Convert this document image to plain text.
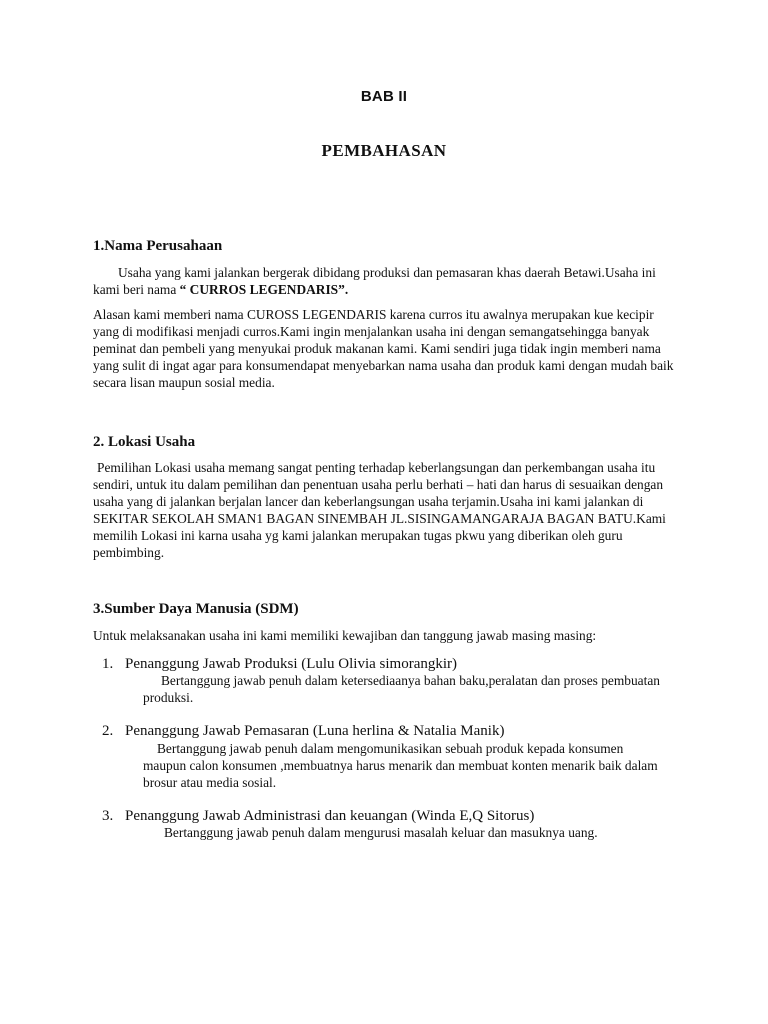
BAB II
PEMBAHASAN
1.Nama Perusahaan
Usaha yang kami jalankan bergerak dibidang produksi dan pemasaran khas daerah Betawi.Usaha ini kami beri nama “ CURROS LEGENDARIS”.
Alasan kami memberi nama CUROSS LEGENDARIS karena curros itu awalnya merupakan kue kecipir yang di modifikasi menjadi curros.Kami ingin menjalankan usaha ini dengan semangatsehingga banyak peminat dan pembeli yang menyukai produk makanan kami. Kami sendiri juga tidak ingin memberi nama yang sulit di ingat agar para konsumendapat menyebarkan nama usaha dan produk kami dengan mudah baik secara lisan maupun sosial media.
2. Lokasi Usaha
Pemilihan Lokasi usaha memang sangat penting terhadap keberlangsungan dan perkembangan usaha itu sendiri, untuk itu dalam pemilihan dan penentuan usaha perlu berhati – hati dan harus di sesuaikan dengan usaha yang di jalankan berjalan lancer dan keberlangsungan usaha terjamin.Usaha ini kami jalankan di SEKITAR SEKOLAH SMAN1 BAGAN SINEMBAH JL.SISINGAMANGARAJA BAGAN BATU.Kami memilih Lokasi ini karna usaha yg kami jalankan merupakan tugas pkwu yang diberikan oleh guru pembimbing.
3.Sumber Daya Manusia (SDM)
Untuk melaksanakan usaha ini kami memiliki kewajiban dan tanggung jawab masing masing:
1. Penanggung Jawab Produksi (Lulu Olivia simorangkir)
Bertanggung jawab penuh dalam ketersediaanya bahan baku,peralatan dan proses pembuatan produksi.
2. Penanggung Jawab Pemasaran (Luna herlina & Natalia Manik)
Bertanggung jawab penuh dalam mengomunikasikan sebuah produk kepada konsumen maupun calon konsumen ,membuatnya harus menarik dan membuat konten menarik baik dalam brosur atau media sosial.
3. Penanggung Jawab Administrasi dan keuangan (Winda E,Q Sitorus)
Bertanggung jawab penuh dalam mengurusi masalah keluar dan masuknya uang.
